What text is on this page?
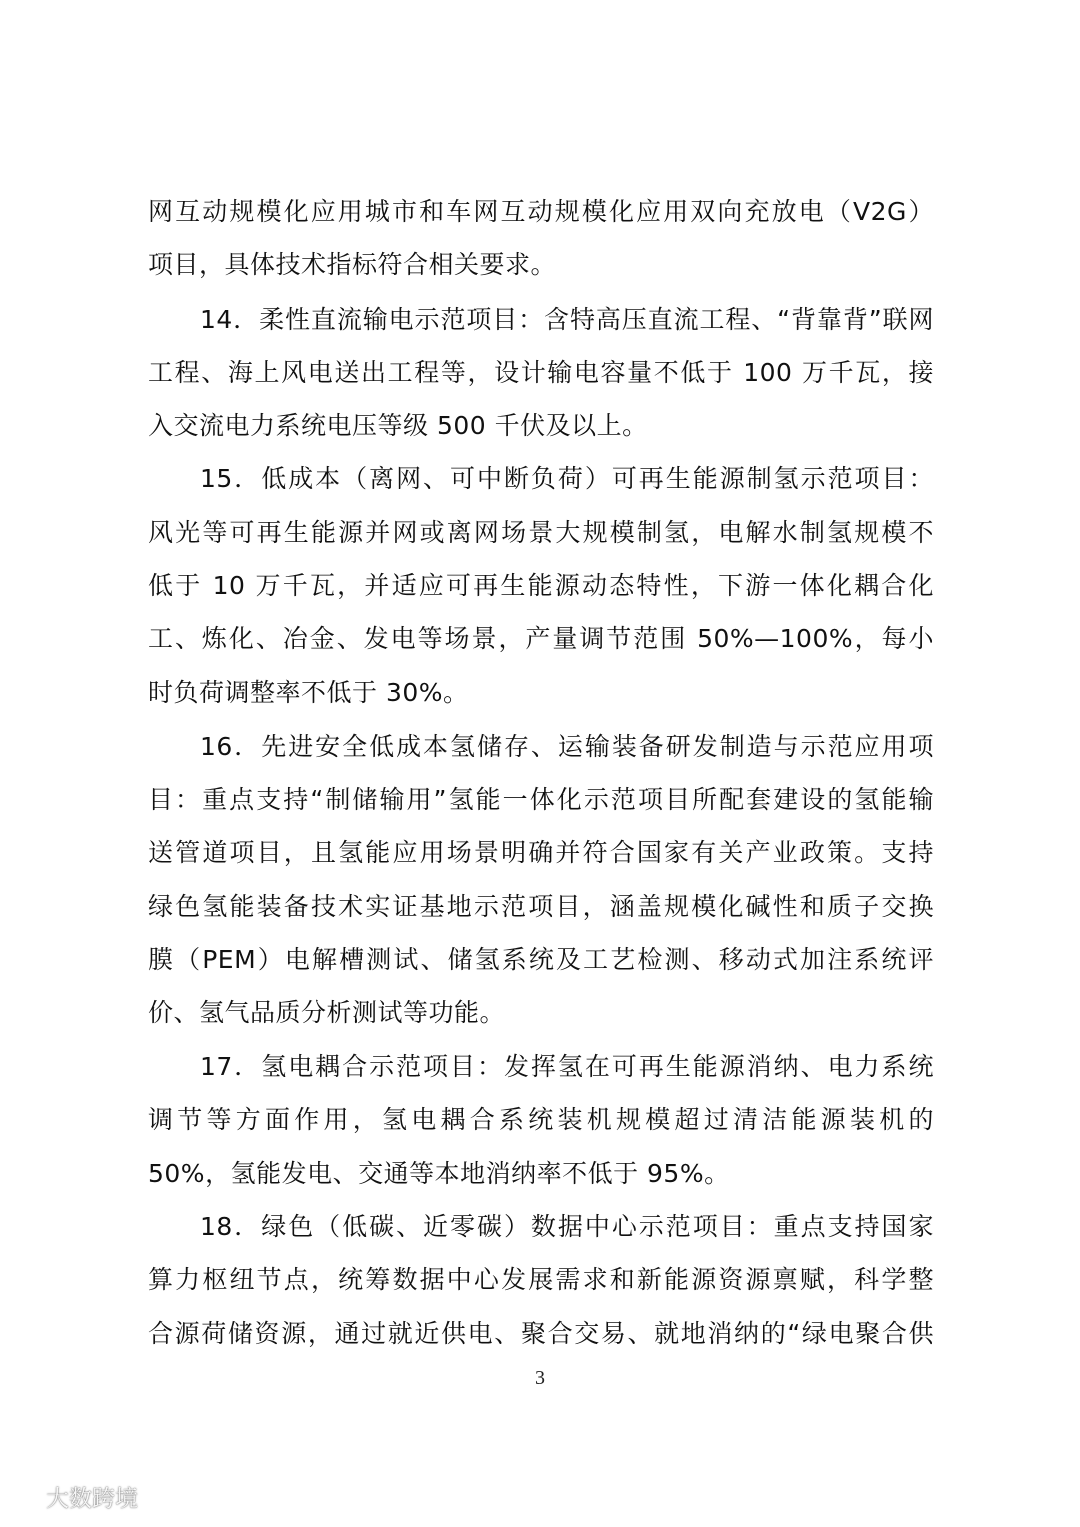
网互动规模化应用城市和车网互动规模化应用双向充放电（V2G）
项目，具体技术指标符合相关要求。
14．柔性直流输电示范项目：含特高压直流工程、“背靠背”联网
工程、海上风电送出工程等，设计输电容量不低于 100 万千瓦，接
入交流电力系统电压等级 500 千伏及以上。
15．低成本（离网、可中断负荷）可再生能源制氢示范项目：
风光等可再生能源并网或离网场景大规模制氢，电解水制氢规模不
低于 10 万千瓦，并适应可再生能源动态特性，下游一体化耦合化
工、炼化、冶金、发电等场景，产量调节范围 50%—100%，每小
时负荷调整率不低于 30%。
16．先进安全低成本氢储存、运输装备研发制造与示范应用项
目：重点支持“制储输用”氢能一体化示范项目所配套建设的氢能输
送管道项目，且氢能应用场景明确并符合国家有关产业政策。支持
绿色氢能装备技术实证基地示范项目，涵盖规模化碱性和质子交换
膜（PEM）电解槽测试、储氢系统及工艺检测、移动式加注系统评
价、氢气品质分析测试等功能。
17．氢电耦合示范项目：发挥氢在可再生能源消纳、电力系统
调节等方面作用，氢电耦合系统装机规模超过清洁能源装机的
50%，氢能发电、交通等本地消纳率不低于 95%。
18．绿色（低碳、近零碳）数据中心示范项目：重点支持国家
算力枢纽节点，统筹数据中心发展需求和新能源资源禀赋，科学整
合源荷储资源，通过就近供电、聚合交易、就地消纳的“绿电聚合供
3
大数跨境
